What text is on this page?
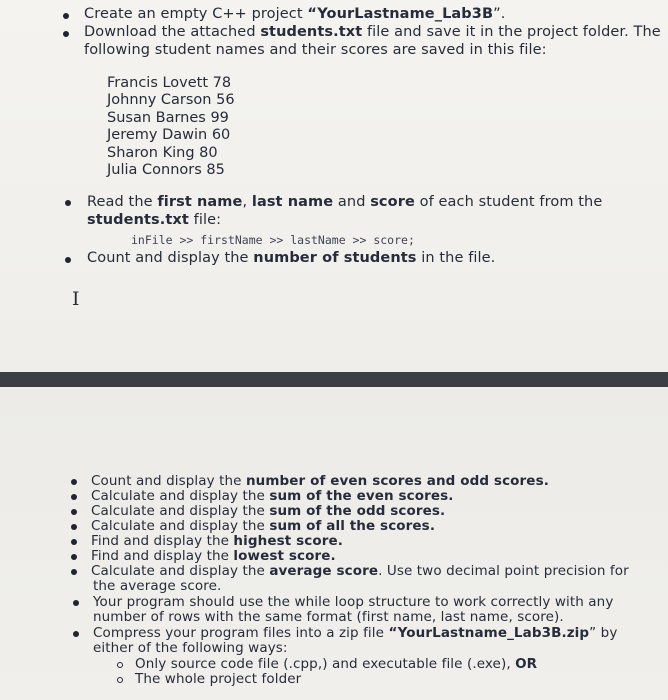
Create an empty C++ project “YourLastname_Lab3B”.
Download the attached students.txt file and save it in the project folder. The
following student names and their scores are saved in this file:
Francis Lovett 78
Johnny Carson 56
Susan Barnes 99
Jeremy Dawin 60
Sharon King 80
Julia Connors 85
Read the first name, last name and score of each student from the
students.txt file:
inFile >> firstName >> lastName >> score;
Count and display the number of students in the file.
I
Count and display the number of even scores and odd scores.
Calculate and display the sum of the even scores.
Calculate and display the sum of the odd scores.
Calculate and display the sum of all the scores.
Find and display the highest score.
Find and display the lowest score.
Calculate and display the average score. Use two decimal point precision for
the average score.
Your program should use the while loop structure to work correctly with any
number of rows with the same format (first name, last name, score).
Compress your program files into a zip file “YourLastname_Lab3B.zip” by
either of the following ways:
Only source code file (.cpp,) and executable file (.exe), OR
The whole project folder
